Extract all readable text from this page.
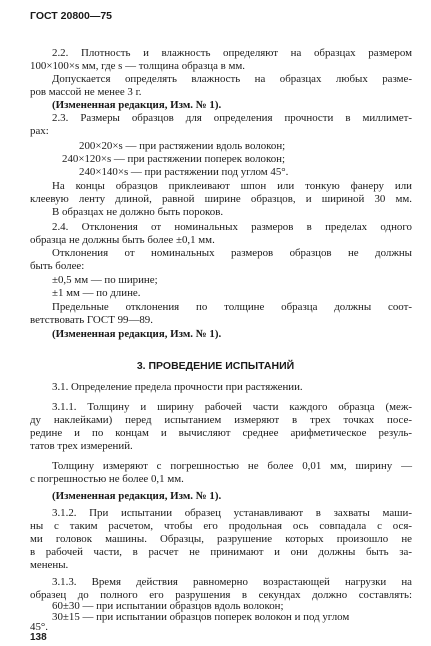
ГОСТ 20800—75
2.2. Плотность и влажность определяют на образцах размером
100×100×s мм, где s — толщина образца в мм.
Допускается определять влажность на образцах любых разме-
ров массой не менее 3 г.
(Измененная редакция, Изм. № 1).
2.3. Размеры образцов для определения прочности в миллимет-
рах:
200×20×s — при растяжении вдоль волокон;
240×120×s — при растяжении поперек волокон;
240×140×s — при растяжении под углом 45°.
На концы образцов приклеивают шпон или тонкую фанеру или
клеевую ленту длиной, равной ширине образцов, и шириной 30 мм.
В образцах не должно быть пороков.
2.4. Отклонения от номинальных размеров в пределах одного
образца не должны быть более ±0,1 мм.
Отклонения от номинальных размеров образцов не должны
быть более:
±0,5 мм — по ширине;
±1 мм — по длине.
Предельные отклонения по толщине образца должны соот-
ветствовать ГОСТ 99—89.
(Измененная редакция, Изм. № 1).
3. ПРОВЕДЕНИЕ ИСПЫТАНИЙ
3.1. Определение предела прочности при растяжении.
3.1.1. Толщину и ширину рабочей части каждого образца (меж-
ду наклейками) перед испытанием измеряют в трех точках посе-
редине и по концам и вычисляют среднее арифметическое резуль-
татов трех измерений.
Толщину измеряют с погрешностью не более 0,01 мм, ширину —
с погрешностью не более 0,1 мм.
(Измененная редакция, Изм. № 1).
3.1.2. При испытании образец устанавливают в захваты маши-
ны с таким расчетом, чтобы его продольная ось совпадала с ося-
ми головок машины. Образцы, разрушение которых произошло не
в рабочей части, в расчет не принимают и они должны быть за-
менены.
3.1.3. Время действия равномерно возрастающей нагрузки на
образец до полного его разрушения в секундах должно составлять:
60±30 — при испытании образцов вдоль волокон;
30±15 — при испытании образцов поперек волокон и под углом
45°.
138
